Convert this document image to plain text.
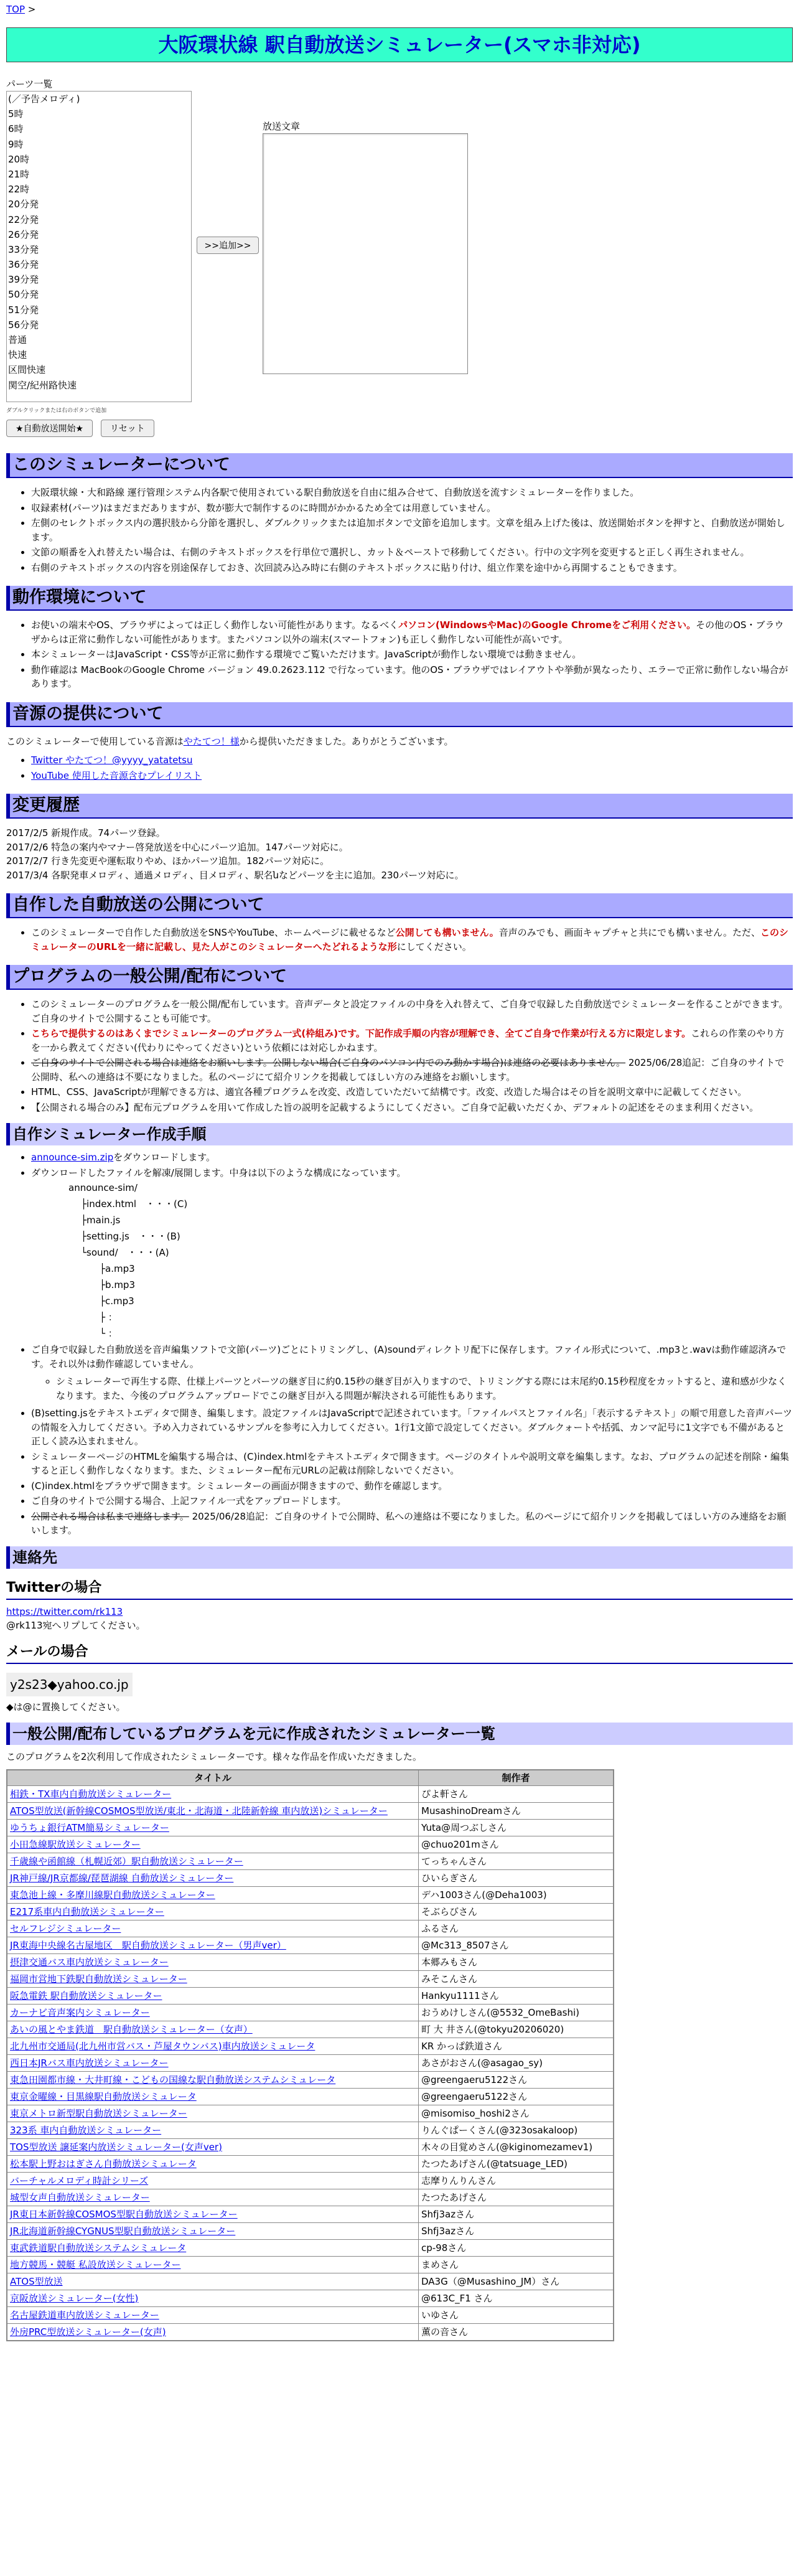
TOP >
大阪環状線 駅自動放送シミュレーター(スマホ非対応)
パーツ一覧
(／予告メロディ)
5時
6時
9時
20時
21時
22時
20分発
22分発
26分発
33分発
36分発
39分発
50分発
51分発
56分発
普通
快速
区間快速
関空/紀州路快速
ダブルクリックまたは右のボタンで追加
>>追加>>
放送文章
★自動放送開始★	リセット
このシミュレーターについて
• 大阪環状線・大和路線 運行管理システム内各駅で使用されている駅自動放送を自由に組み合せて、自動放送を流すシミュレーターを作りました。
• 収録素材(パーツ)はまだまだありますが、数が膨大で制作するのに時間がかかるため全ては用意していません。
• 左側のセレクトボックス内の選択肢から分節を選択し、ダブルクリックまたは追加ボタンで文節を追加します。文章を組み上げた後は、放送開始ボタンを押すと、自動放送が開始します。
• 文節の順番を入れ替えたい場合は、右側のテキストボックスを行単位で選択し、カット＆ペーストで移動してください。行中の文字列を変更すると正しく再生されません。
• 右側のテキストボックスの内容を別途保存しておき、次回読み込み時に右側のテキストボックスに貼り付け、組立作業を途中から再開することもできます。
動作環境について
• お使いの端末やOS、ブラウザによっては正しく動作しない可能性があります。なるべくパソコン(WindowsやMac)のGoogle Chromeをご利用ください。その他のOS・ブラウザからは正常に動作しない可能性があります。またパソコン以外の端末(スマートフォン)も正しく動作しない可能性が高いです。
• 本シミュレーターはJavaScript・CSS等が正常に動作する環境でご覧いただけます。JavaScriptが動作しない環境では動きません。
• 動作確認は MacBookのGoogle Chrome バージョン 49.0.2623.112 で行なっています。他のOS・ブラウザではレイアウトや挙動が異なったり、エラーで正常に動作しない場合があります。
音源の提供について

このシミュレーターで使用している音源はやたてつ！様から提供いただきました。ありがとうございます。

• Twitter やたてつ！@yyyy_yatatetsu
• YouTube 使用した音源含むプレイリスト
変更履歴
2017/2/5 新規作成。74パーツ登録。
2017/2/6 特急の案内やマナー啓発放送を中心にパーツ追加。147パーツ対応に。
2017/2/7 行き先変更や運転取りやめ、ほかパーツ追加。182パーツ対応に。
2017/3/4 各駅発車メロディ、通過メロディ、目メロディ、駅名նなどパーツを主に追加。230パーツ対応に。
自作した自動放送の公開について
• このシミュレーターで自作した自動放送をSNSやYouTube、ホームページに載せるなど公開しても構いません。音声のみでも、画面キャプチャと共にでも構いません。ただ、このシミュレーターのURLを一緒に記載し、見た人がこのシミュレーターへたどれるような形にしてください。
プログラムの一般公開/配布について
• このシミュレーターのプログラムを一般公開/配布しています。音声データと設定ファイルの中身を入れ替えて、ご自身で収録した自動放送でシミュレーターを作ることができます。ご自身のサイトで公開することも可能です。
• こちらで提供するのはあくまでシミュレーターのプログラム一式(枠組み)です。下記作成手順の内容が理解でき、全てご自身で作業が行える方に限定します。これらの作業のやり方を一から教えてください(代わりにやってください)という依頼には対応しかねます。
• ご自身のサイトで公開される場合は連絡をお願いします。公開しない場合(ご自身のパソコン内でのみ動かす場合)は連絡の必要はありません。 2025/06/28追記：ご自身のサイトで公開時、私への連絡は不要になりました。私のページにて紹介リンクを掲載してほしい方のみ連絡をお願いします。
• HTML、CSS、JavaScriptが理解できる方は、適宜各種プログラムを改変、改造していただいて結構です。改変、改造した場合はその旨を説明文章中に記載してください。
• 【公開される場合のみ】配布元プログラムを用いて作成した旨の説明を記載するようにしてください。ご自身で記載いただくか、デフォルトの記述をそのまま利用ください。
自作シミュレーター作成手順
• announce-sim.zipをダウンロードします。
• ダウンロードしたファイルを解凍/展開します。中身は以下のような構成になっています。
announce-sim/
├index.html　・・・(C)
├main.js
├setting.js　・・・(B)
└sound/　・・・(A)
　　├a.mp3
　　├b.mp3
　　├c.mp3
　　├ ：
　　└ ：
• ご自身で収録した自動放送を音声編集ソフトで文節(パーツ)ごとにトリミングし、(A)soundディレクトリ配下に保存します。ファイル形式について、.mp3と.wavは動作確認済みです。それ以外は動作確認していません。
◦ シミュレーターで再生する際、仕様上パーツとパーツの継ぎ目に約0.15秒の継ぎ目が入りますので、トリミングする際には末尾約0.15秒程度をカットすると、違和感が少なくなります。また、今後のプログラムアップロードでこの継ぎ目が入る問題が解決される可能性もあります。
• (B)setting.jsをテキストエディタで開き、編集します。設定ファイルはJavaScriptで記述されています。「ファイルパスとファイル名」「表示するテキスト」の順で用意した音声パーツの情報を入力してください。予め入力されているサンプルを参考に入力してください。1行1文節で設定してください。ダブルクォートや括弧、カンマ記号に1文字でも不備があると正しく読み込まれません。
• シミュレーターページのHTMLを編集する場合は、(C)index.htmlをテキストエディタで開きます。ページのタイトルや説明文章を編集します。なお、プログラムの記述を削除・編集すると正しく動作しなくなります。また、シミュレーター配布元URLの記載は削除しないでください。
• (C)index.htmlをブラウザで開きます。シミュレーターの画面が開きますので、動作を確認します。
• ご自身のサイトで公開する場合、上記ファイル一式をアップロードします。
• 公開される場合は私まで連絡します。 2025/06/28追記：ご自身のサイトで公開時、私への連絡は不要になりました。私のページにて紹介リンクを掲載してほしい方のみ連絡をお願いします。
連絡先
Twitterの場合
https://twitter.com/rk113
@rk113宛へリプしてください。
メールの場合
y2s23◆yahoo.co.jp
◆は@に置換してください。
一般公開/配布しているプログラムを元に作成されたシミュレーター一覧

このプログラムを2次利用して作成されたシミュレーターです。様々な作品を作成いただきました。

タイトル	制作者
相鉄・TX車内自動放送シミュレーター	ぴよ軒さん
ATOS型放送(新幹線COSMOS型放送/東北・北海道・北陸新幹線 車内放送)シミュレーター	MusashinoDreamさん
ゆうちょ銀行ATM簡易シミュレーター	Yuta@周つぶしさん
小田急線駅放送シミュレーター	@chuo201mさん
千歳線や函館線（札幌近郊）駅自動放送シミュレーター	てっちゃんさん
JR神戸線/JR京都線/琵琶湖線 自動放送シミュレーター	ひいらぎさん
東急池上線・多摩川線駅自動放送シミュレーター	デハ1003さん(@Deha1003)
E217系車内自動放送シミュレーター	そぶらびさん
セルフレジシミュレーター	ふるさん
JR東海中央線名古屋地区　駅自動放送シミュレーター（男声ver）	@Mc313_8507さん
摂津交通バス車内放送シミュレーター	本郷みもさん
福岡市営地下鉄駅自動放送シミュレーター	みそこんさん
阪急電鉄 駅自動放送シミュレーター	Hankyu1111さん
カーナビ音声案内シミュレーター	おうめけしさん(@5532_OmeBashi)
あいの風とやま鉄道　駅自動放送シミュレーター（女声）	町 大 井さん(@tokyu20206020)
北九州市交通局(北九州市営バス・芦屋タウンバス)車内放送シミュレータ	KR かっぱ鉄道さん
西日本JRバス車内放送シミュレーター	あさがおさん(@asagao_sy)
東急田園都市線・大井町線・こどもの国線な駅自動放送システムシミュレータ	@greengaeru5122さん
東京金曜線・目黒線駅自動放送シミュレータ	@greengaeru5122さん
東京メトロ新型駅自動放送シミュレーター	@misomiso_hoshi2さん
323系 車内自動放送シミュレーター	りんぐぱーくさん(@323osakaloop)
TOS型放送 譲延案内放送シミュレーター(女声ver)	木々の目覚めさん(@kiginomezamev1)
松本駅上野おはぎさん自動放送シミュレータ	たつたあげさん(@tatsuage_LED)
バーチャルメロディ時計シリーズ	志摩りんりんさん
城型女声自動放送シミュレーター	たつたあげさん
JR東日本新幹線COSMOS型駅自動放送シミュレーター	Shfj3azさん
JR北海道新幹線CYGNUS型駅自動放送シミュレーター	Shfj3azさん
東武鉄道駅自動放送システムシミュレータ	cp-98さん
地方競馬・競艇 私設放送シミュレーター	まめさん
ATOS型放送	DA3G（@Musashino_JM）さん
京阪放送シミュレーター(女性)	@613C_F1 さん
名古屋鉄道車内放送シミュレーター	いゆさん
外房PRC型放送シミュレーター(女声)	薫の音さん
